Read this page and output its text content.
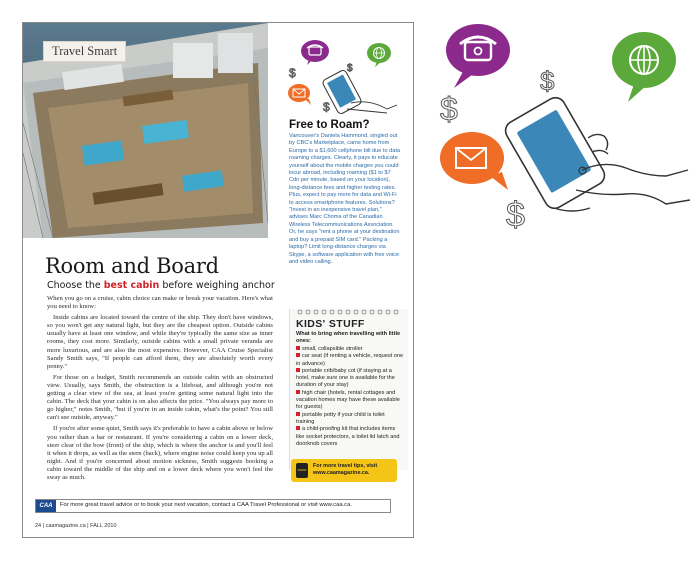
Travel Smart
Room and Board
Choose the best cabin before weighing anchor

When you go on a cruise, cabin choice can make or break your vacation. Here's what you need to know:

Inside cabins are located toward the centre of the ship. They don't have windows, so you won't get any natural light, but they are the cheapest option. Outside cabins usually have at least one window, and while they're typically the same size as inner rooms, they cost more. Similarly, outside cabins with a small private veranda are more luxurious, and are also the most expensive. However, CAA Cruise Specialist Sandy Smith says, "If people can afford them, they are absolutely worth every penny."

For those on a budget, Smith recommends an outside cabin with an obstructed view. Usually, says Smith, the obstruction is a lifeboat, and although you're not getting a clear view of the sea, at least you're getting some natural light into the cabin. The deck that your cabin is on also affects the price. "You always pay more to go higher," notes Smith, "but if you're in an inside cabin, what's the point? You still can't see outside, anyway."

If you're after some quiet, Smith says it's preferable to have a cabin above or below you rather than a bar or restaurant. If you're considering a cabin on a lower deck, steer clear of the bow (front) of the ship, which is where the anchor is and you'll feel it when it drops, as well as the stern (back), where engine noise could keep you up all night. And if you're concerned about motion sickness, Smith suggests booking a cabin toward the middle of the ship and on a lower deck where you won't feel the sway as much.

$	$
$
Free to Roam?
Vancouver's Daniela Hammond, singled out by CBC's Marketplace, came home from Europe to a $1,600 cellphone bill due to data roaming charges. Clearly, it pays to educate yourself about the mobile charges you could incur abroad, including roaming ($1 to $7 Cdn per minute, based on your location), long-distance fees and higher texting rates. Plus, expect to pay more for data and Wi-Fi to access smartphone features. Solutions? "Invest in an inexpensive travel plan," advises Marc Choma of the Canadian Wireless Telecommunications Association. Or, he says "rent a phone at your destination and buy a prepaid SIM card." Packing a laptop? Limit long-distance charges via Skype, a software application with free voice and video calling.
KIDS' STUFF
What to bring when travelling with little ones:
small, collapsible stroller
car seat (if renting a vehicle, request one in advance)
portable crib/baby cot (if staying at a hotel, make sure one is available for the duration of your stay)
high chair (hotels, rental cottages and vacation homes may have these available for guests)
portable potty if your child is toilet training
a child-proofing kit that includes items like socket protectors, a toilet lid latch and doorknob covers
www
For more travel tips, visit www.caamagazine.ca.
CAA	For more great travel advice or to book your next vacation, contact a CAA Travel Professional or visit www.caa.ca.
24 | caamagazine.ca | FALL 2010
$
$
$
